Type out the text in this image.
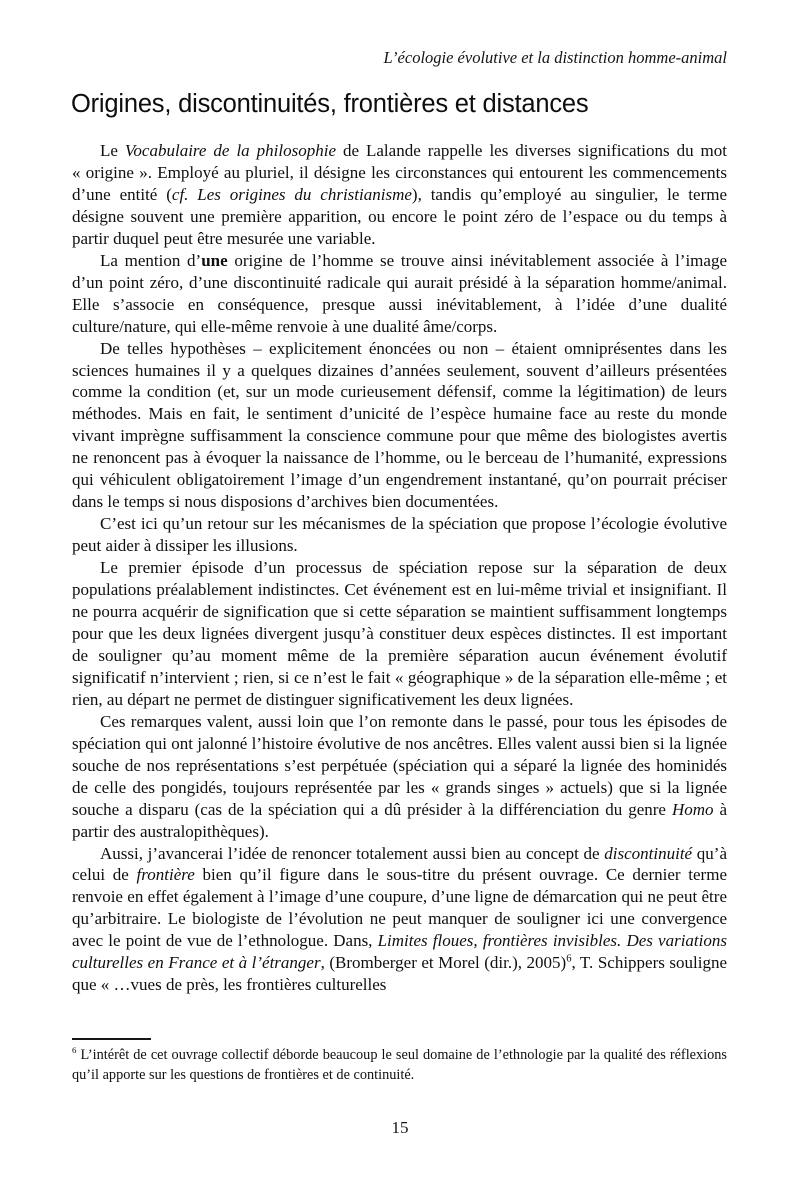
L’écologie évolutive et la distinction homme-animal
Origines, discontinuités, frontières et distances

Le Vocabulaire de la philosophie de Lalande rappelle les diverses significations du mot « origine ». Employé au pluriel, il désigne les circonstances qui entourent les commencements d’une entité (cf. Les origines du christianisme), tandis qu’employé au singulier, le terme désigne souvent une première apparition, ou encore le point zéro de l’espace ou du temps à partir duquel peut être mesurée une variable.

La mention d’une origine de l’homme se trouve ainsi inévitablement associée à l’image d’un point zéro, d’une discontinuité radicale qui aurait présidé à la séparation homme/animal. Elle s’associe en conséquence, presque aussi inévitablement, à l’idée d’une dualité culture/nature, qui elle-même renvoie à une dualité âme/corps.

De telles hypothèses – explicitement énoncées ou non – étaient omniprésentes dans les sciences humaines il y a quelques dizaines d’années seulement, souvent d’ailleurs présentées comme la condition (et, sur un mode curieusement défensif, comme la légitimation) de leurs méthodes. Mais en fait, le sentiment d’unicité de l’espèce humaine face au reste du monde vivant imprègne suffisamment la conscience commune pour que même des biologistes avertis ne renoncent pas à évoquer la naissance de l’homme, ou le berceau de l’humanité, expressions qui véhiculent obligatoirement l’image d’un engendrement instantané, qu’on pourrait préciser dans le temps si nous disposions d’archives bien documentées.

C’est ici qu’un retour sur les mécanismes de la spéciation que propose l’écologie évolutive peut aider à dissiper les illusions.

Le premier épisode d’un processus de spéciation repose sur la séparation de deux populations préalablement indistinctes. Cet événement est en lui-même trivial et insignifiant. Il ne pourra acquérir de signification que si cette séparation se maintient suffisamment longtemps pour que les deux lignées divergent jusqu’à constituer deux espèces distinctes. Il est important de souligner qu’au moment même de la première séparation aucun événement évolutif significatif n’intervient ; rien, si ce n’est le fait « géographique » de la séparation elle-même ; et rien, au départ ne permet de distinguer significativement les deux lignées.

Ces remarques valent, aussi loin que l’on remonte dans le passé, pour tous les épisodes de spéciation qui ont jalonné l’histoire évolutive de nos ancêtres. Elles valent aussi bien si la lignée souche de nos représentations s’est perpétuée (spéciation qui a séparé la lignée des hominidés de celle des pongidés, toujours représentée par les « grands singes » actuels) que si la lignée souche a disparu (cas de la spéciation qui a dû présider à la différenciation du genre Homo à partir des australopithèques).

Aussi, j’avancerai l’idée de renoncer totalement aussi bien au concept de discontinuité qu’à celui de frontière bien qu’il figure dans le sous-titre du présent ouvrage. Ce dernier terme renvoie en effet également à l’image d’une coupure, d’une ligne de démarcation qui ne peut être qu’arbitraire. Le biologiste de l’évolution ne peut manquer de souligner ici une convergence avec le point de vue de l’ethnologue. Dans, Limites floues, frontières invisibles. Des variations culturelles en France et à l’étranger, (Bromberger et Morel (dir.), 2005)$^6$, T. Schippers souligne que « …vues de près, les frontières culturelles

$^6$ L’intérêt de cet ouvrage collectif déborde beaucoup le seul domaine de l’ethnologie par la qualité des réflexions qu’il apporte sur les questions de frontières et de continuité.
15
